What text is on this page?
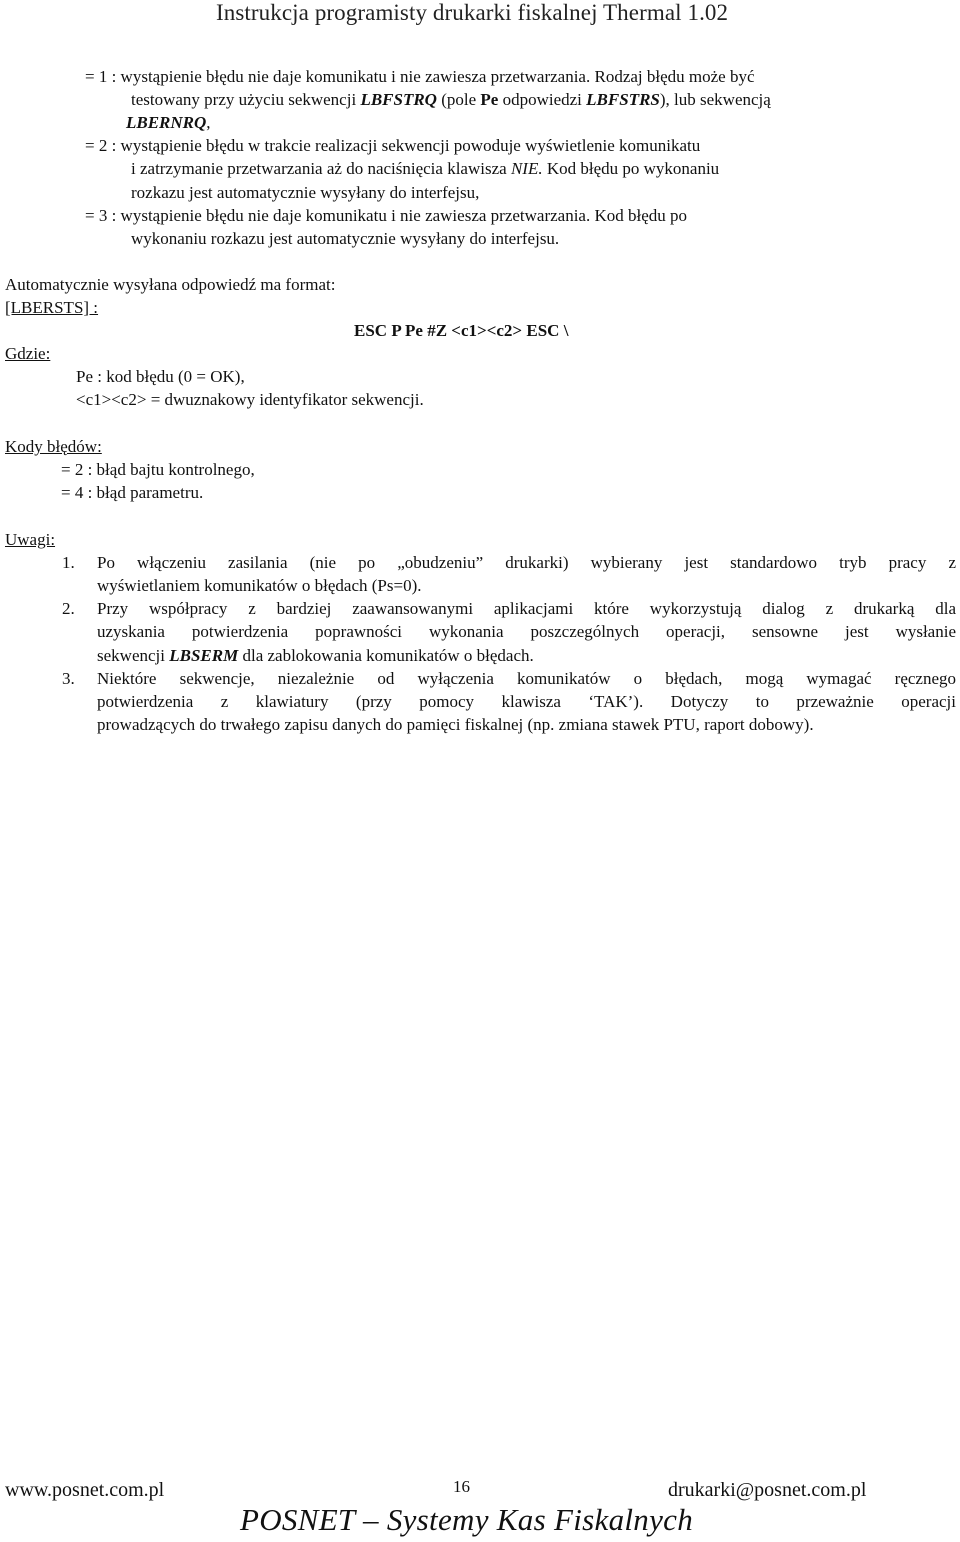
Instrukcja programisty drukarki fiskalnej Thermal 1.02
= 1 : wystąpienie błędu nie daje komunikatu i nie zawiesza przetwarzania. Rodzaj błędu może być
testowany przy użyciu sekwencji LBFSTRQ (pole Pe odpowiedzi LBFSTRS), lub sekwencją
LBERNRQ,
= 2 : wystąpienie błędu w trakcie realizacji sekwencji powoduje wyświetlenie komunikatu
i zatrzymanie przetwarzania aż do naciśnięcia klawisza NIE. Kod błędu po wykonaniu
rozkazu jest automatycznie wysyłany do interfejsu,
= 3 : wystąpienie błędu nie daje komunikatu i nie zawiesza przetwarzania. Kod błędu po
wykonaniu rozkazu jest automatycznie wysyłany do interfejsu.
Automatycznie wysyłana odpowiedź ma format:
[LBERSTS] :
ESC P Pe #Z <c1><c2> ESC \
Gdzie:
Pe : kod błędu (0 = OK),
<c1><c2> = dwuznakowy identyfikator sekwencji.
Kody błędów:
= 2 : błąd bajtu kontrolnego,
= 4 : błąd parametru.
Uwagi:
1. Po włączeniu zasilania (nie po „obudzeniu” drukarki) wybierany jest standardowo tryb pracy z
wyświetlaniem komunikatów o błędach (Ps=0).
2. Przy współpracy z bardziej zaawansowanymi aplikacjami które wykorzystują dialog z drukarką dla
uzyskania potwierdzenia poprawności wykonania poszczególnych operacji, sensowne jest wysłanie
sekwencji LBSERM dla zablokowania komunikatów o błędach.
3. Niektóre sekwencje, niezależnie od wyłączenia komunikatów o błędach, mogą wymagać ręcznego
potwierdzenia z klawiatury (przy pomocy klawisza ‘TAK’). Dotyczy to przeważnie operacji
prowadzących do trwałego zapisu danych do pamięci fiskalnej (np. zmiana stawek PTU, raport dobowy).
www.posnet.com.pl	16	drukarki@posnet.com.pl
POSNET – Systemy Kas Fiskalnych
